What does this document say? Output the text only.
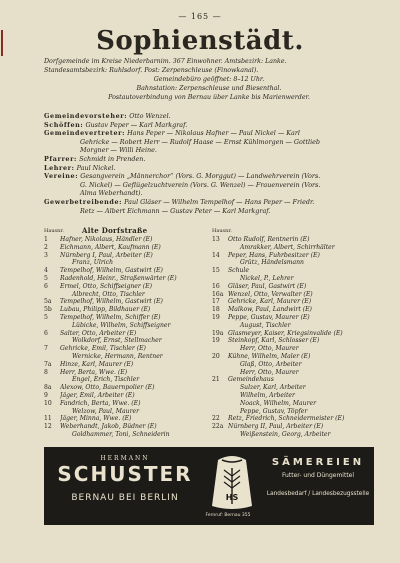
— 165 —
Sophienstädt.
Dorfgemeinde im Kreise Niederbarnim. 367 Einwohner. Amtsbezirk: Lanke.
Standesamtsbezirk: Ruhlsdorf. Post: Zerpenschleuse (Finowkanal).
Gemeindebüro geöffnet: 8–12 Uhr.
Bahnstation: Zerpenschleuse und Biesenthal.
Postautoverbindung von Bernau über Lanke bis Marienwerder.
Gemeindevorsteher: Otto Wenzel.
Schöffen: Gustav Peper — Karl Markgraf.
Gemeindevertreter: Hans Peper — Nikolaus Hafner — Paul Nickel — Karl
Gehricke — Robert Herr — Rudolf Haase — Ernst Kühlmorgen — Gottlieb
Morgner — Willi Heine.
Pfarrer: Schmidt in Prenden.
Lehrer: Paul Nickel.
Vereine: Gesangverein „Männerchor“ (Vors. G. Morggut) — Landwehrverein (Vors.
G. Nickel) — Geflügelzuchtverein (Vors. G. Wenzel) — Frauenverein (Vors.
Alma Weberhandt).
Gewerbetreibende: Paul Gläser — Wilhelm Tempelhof — Hans Peper — Friedr.
Retz — Albert Eichmann — Gustav Peter — Karl Markgraf.
Hausnr.	Alte Dorfstraße
1	Hafner, Nikolaus, Händler (E)
2	Eichmann, Albert, Kaufmann (E)
3	Nürnberg I, Paul, Arbeiter (E)
Franz, Ulrich
4	Tempelhof, Wilhelm, Gastwirt (E)
5	Radenhold, Heinr., Straßenwärter (E)
6	Ermel, Otto, Schiffseigner (E)
Albrecht, Otto, Tischler
5a	Tempelhof, Wilhelm, Gastwirt (E)
5b	Lubau, Philipp, Bildhauer (E)
5	Tempelhof, Wilhelm, Schiffer (E)
Lübicke, Wilhelm, Schiffseigner
6	Salter, Otto, Arbeiter (E)
Wolkdorf, Ernst, Stellmacher
7	Gehricke, Emil, Tischler (E)
Wernicke, Hermann, Rentner
7a	Hinze, Karl, Maurer (E)
8	Herr, Berta, Wwe. (E)
Engel, Erich, Tischler
8a	Alexow, Otto, Bauernpolier (E)
9	Jäger, Emil, Arbeiter (E)
10	Fandrich, Berta, Wwe. (E)
Welzow, Paul, Maurer
11	Jäger, Minna, Wwe. (E)
12	Weberhandt, Jakob, Büdner (E)
Goldhammer, Toni, Schneiderin
Hausnr.
13	Otto Rudolf, Rentnerin (E)
Amrakker, Albert, Schirrhälter
14	Peper, Hans, Fuhrbesitzer (E)
Grütz, Händelsmann
15	Schule
Nickel, P., Lehrer
16	Gläser, Paul, Gastwirt (E)
16a Wenzel, Otto, Verwalter (E)
17	Gehricke, Karl, Maurer (E)
18	Malkow, Paul, Landwirt (E)
19	Peppe, Gustav, Maurer (E)
August, Tischler
19a Glasmeyer, Kaiser, Kriegsinvalide (E)
19	Steinkopf, Karl, Schlosser (E)
Herr, Otto, Maurer
20	Kühne, Wilhelm, Maler (E)
Glaß, Otto, Arbeiter
Herr, Otto, Maurer
21	Gemeindehaus
Sulzer, Karl, Arbeiter
Wilhelm, Arbeiter
Noack, Wilhelm, Maurer
Peppe, Gustav, Töpfer
22	Retz, Friedrich, Schneidermeister (E)
22a Nürnberg II, Paul, Arbeiter (E)
Weißenstein, Georg, Arbeiter
HERMANN
SCHUSTER
BERNAU BEI BERLIN	HS
Fernruf: Bernau 355
SÄMEREIEN
Futter- und Düngemittel
Landesbedarf / Landesbezugsstelle
